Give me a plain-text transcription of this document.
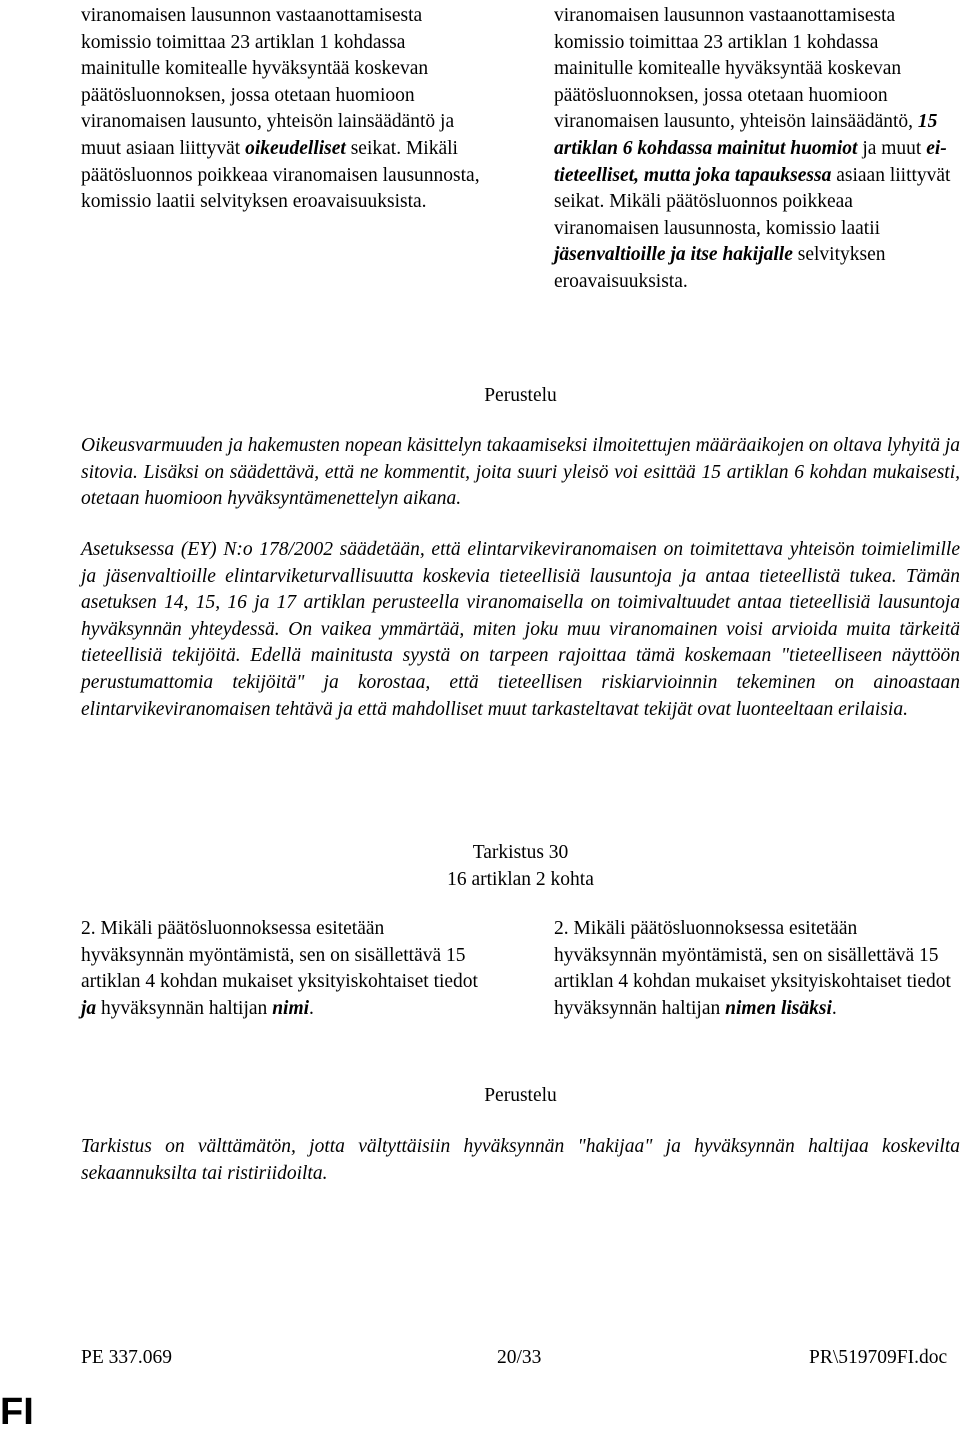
viranomaisen lausunnon vastaanottamisesta komissio toimittaa 23 artiklan 1 kohdassa mainitulle komitealle hyväksyntää koskevan päätösluonnoksen, jossa otetaan huomioon viranomaisen lausunto, yhteisön lainsäädäntö ja muut asiaan liittyvät oikeudelliset seikat. Mikäli päätösluonnos poikkeaa viranomaisen lausunnosta, komissio laatii selvityksen eroavaisuuksista.

viranomaisen lausunnon vastaanottamisesta komissio toimittaa 23 artiklan 1 kohdassa mainitulle komitealle hyväksyntää koskevan päätösluonnoksen, jossa otetaan huomioon viranomaisen lausunto, yhteisön lainsäädäntö, 15 artiklan 6 kohdassa mainitut huomiot ja muut ei-tieteelliset, mutta joka tapauksessa asiaan liittyvät seikat. Mikäli päätösluonnos poikkeaa viranomaisen lausunnosta, komissio laatii jäsenvaltioille ja itse hakijalle selvityksen eroavaisuuksista.

Perustelu

Oikeusvarmuuden ja hakemusten nopean käsittelyn takaamiseksi ilmoitettujen määräaikojen on oltava lyhyitä ja sitovia. Lisäksi on säädettävä, että ne kommentit, joita suuri yleisö voi esittää 15 artiklan 6 kohdan mukaisesti, otetaan huomioon hyväksyntämenettelyn aikana.

Asetuksessa (EY) N:o 178/2002 säädetään, että elintarvikeviranomaisen on toimitettava yhteisön toimielimille ja jäsenvaltioille elintarviketurvallisuutta koskevia tieteellisiä lausuntoja ja antaa tieteellistä tukea. Tämän asetuksen 14, 15, 16 ja 17 artiklan perusteella viranomaisella on toimivaltuudet antaa tieteellisiä lausuntoja hyväksynnän yhteydessä. On vaikea ymmärtää, miten joku muu viranomainen voisi arvioida muita tärkeitä tieteellisiä tekijöitä. Edellä mainitusta syystä on tarpeen rajoittaa tämä koskemaan "tieteelliseen näyttöön perustumattomia tekijöitä" ja korostaa, että tieteellisen riskiarvioinnin tekeminen on ainoastaan elintarvikeviranomaisen tehtävä ja että mahdolliset muut tarkasteltavat tekijät ovat luonteeltaan erilaisia.

Tarkistus 30
16 artiklan 2 kohta

2. Mikäli päätösluonnoksessa esitetään hyväksynnän myöntämistä, sen on sisällettävä 15 artiklan 4 kohdan mukaiset yksityiskohtaiset tiedot ja hyväksynnän haltijan nimi.

2. Mikäli päätösluonnoksessa esitetään hyväksynnän myöntämistä, sen on sisällettävä 15 artiklan 4 kohdan mukaiset yksityiskohtaiset tiedot hyväksynnän haltijan nimen lisäksi.

Perustelu

Tarkistus on välttämätön, jotta vältyttäisiin hyväksynnän "hakijaa" ja hyväksynnän haltijaa koskevilta sekaannuksilta tai ristiriidoilta.

PE 337.069	20/33	PR\519709FI.doc
FI
